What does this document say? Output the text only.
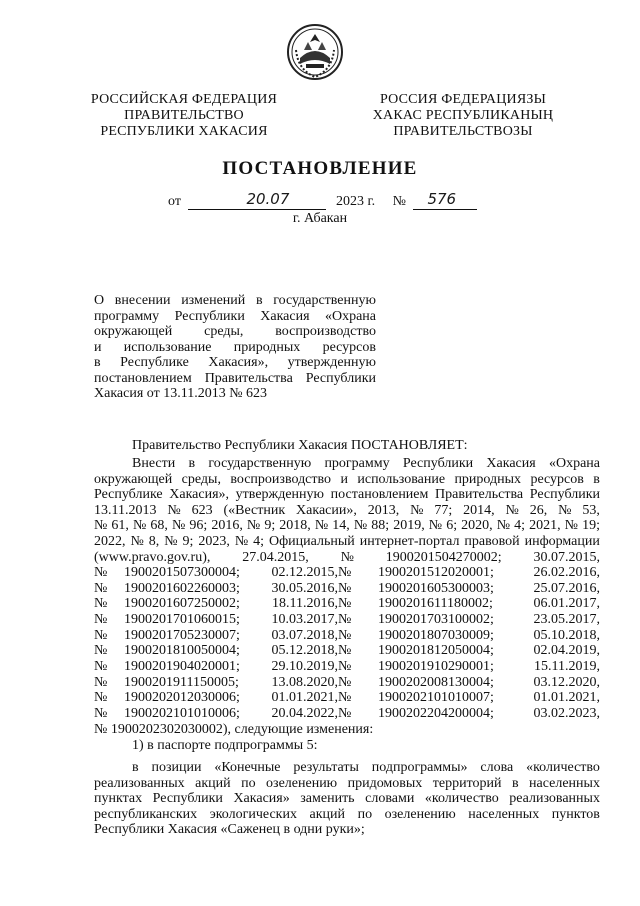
РОССИЙСКАЯ ФЕДЕРАЦИЯ
ПРАВИТЕЛЬСТВО
РЕСПУБЛИКИ ХАКАСИЯ
РОССИЯ ФЕДЕРАЦИЯЗЫ
ХАКАС РЕСПУБЛИКАНЫҢ
ПРАВИТЕЛЬСТВОЗЫ
ПОСТАНОВЛЕНИЕ
от	20.07	2023 г. № 576
г. Абакан
О внесении изменений в государственную
программу Республики Хакасия «Охрана
окружающей среды, воспроизводство
и использование природных ресурсов
в Республике Хакасия», утвержденную
постановлением Правительства Республики
Хакасия от 13.11.2013 № 623
Правительство Республики Хакасия ПОСТАНОВЛЯЕТ:
Внести в государственную программу Республики Хакасия «Охрана
окружающей среды, воспроизводство и использование природных ресурсов в
Республике Хакасия», утвержденную постановлением Правительства Республики
13.11.2013 № 623 («Вестник Хакасии», 2013, № 77; 2014, № 26, № 53,
№ 61, № 68, № 96; 2016, № 9; 2018, № 14, № 88; 2019, № 6; 2020, № 4; 2021, № 19;
2022, № 8, № 9; 2023, № 4; Официальный интернет-портал правовой информации
(www.pravo.gov.ru), 27.04.2015, № 1900201504270002; 30.07.2015,
№	1900201507300004;	02.12.2015, №	1900201512020001;	26.02.2016,
№	1900201602260003;	30.05.2016, №	1900201605300003;	25.07.2016,
№	1900201607250002;	18.11.2016, №	1900201611180002;	06.01.2017,
№	1900201701060015;	10.03.2017, №	1900201703100002;	23.05.2017,
№	1900201705230007;	03.07.2018, №	1900201807030009;	05.10.2018,
№	1900201810050004;	05.12.2018, №	1900201812050004;	02.04.2019,
№	1900201904020001;	29.10.2019, №	1900201910290001;	15.11.2019,
№	1900201911150005;	13.08.2020, №	1900202008130004;	03.12.2020,
№	1900202012030006;	01.01.2021, №	1900202101010007;	01.01.2021,
№	1900202101010006;	20.04.2022, №	1900202204200004;	03.02.2023,
№ 1900202302030002), следующие изменения:
1) в паспорте подпрограммы 5:
в позиции «Конечные результаты подпрограммы» слова «количество
реализованных акций по озеленению придомовых территорий в населенных
пунктах Республики Хакасия» заменить словами «количество реализованных
республиканских экологических акций по озеленению населенных пунктов
Республики Хакасия «Саженец в одни руки»;
